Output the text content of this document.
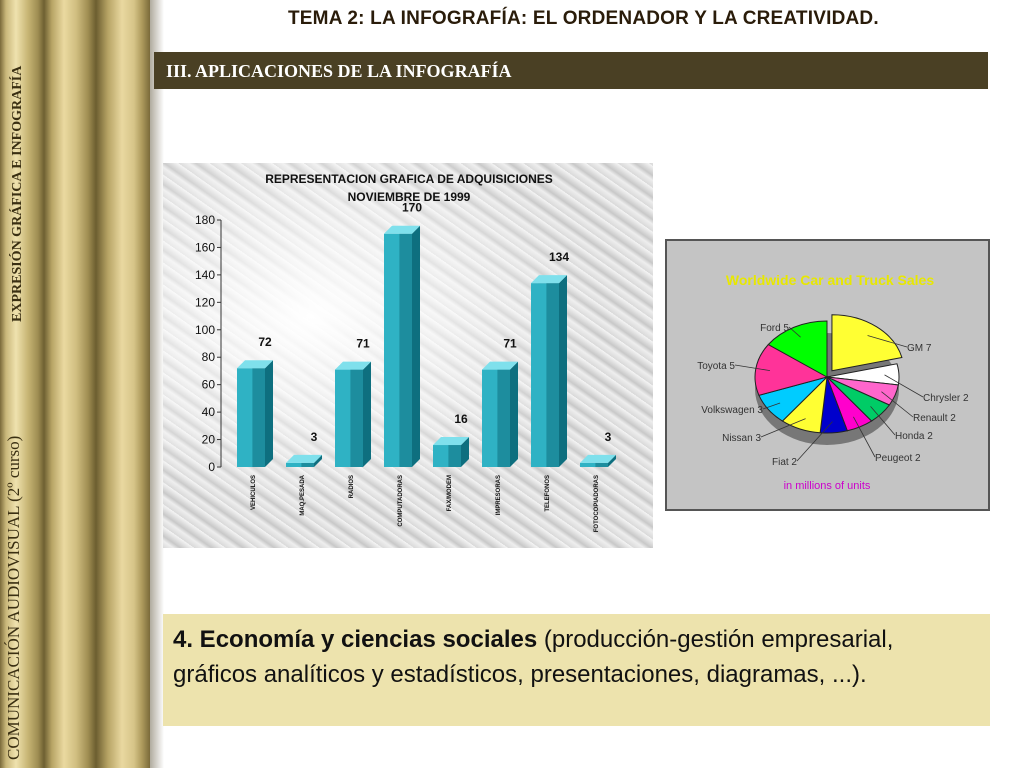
EXPRESIÓN GRÁFICA E INFOGRAFÍA
COMUNICACIÓN AUDIOVISUAL (2º curso)
TEMA 2: LA INFOGRAFÍA: EL ORDENADOR Y LA CREATIVIDAD.
III. APLICACIONES DE LA INFOGRAFÍA
REPRESENTACION GRAFICA DE ADQUISICIONES
NOVIEMBRE DE 1999
0
20
40
60
80
100
120
140
160
180
72
VEHICULOS
3
MAQ.PESADA
71
RADIOS
170
COMPUTADORAS
16
FAX/MODEM
71
IMPRESORAS
134
TELEFONOS
3
FOTOCOPIADORAS
Worldwide Car and Truck Sales
GM 7
Chrysler 2
Renault 2
Honda 2
Peugeot 2
Fiat 2
Nissan 3
Volkswagen 3
Toyota 5
Ford 5
in millions of units
4. Economía y ciencias sociales (producción-gestión empresarial, gráficos analíticos y estadísticos, presentaciones, diagramas, ...).
